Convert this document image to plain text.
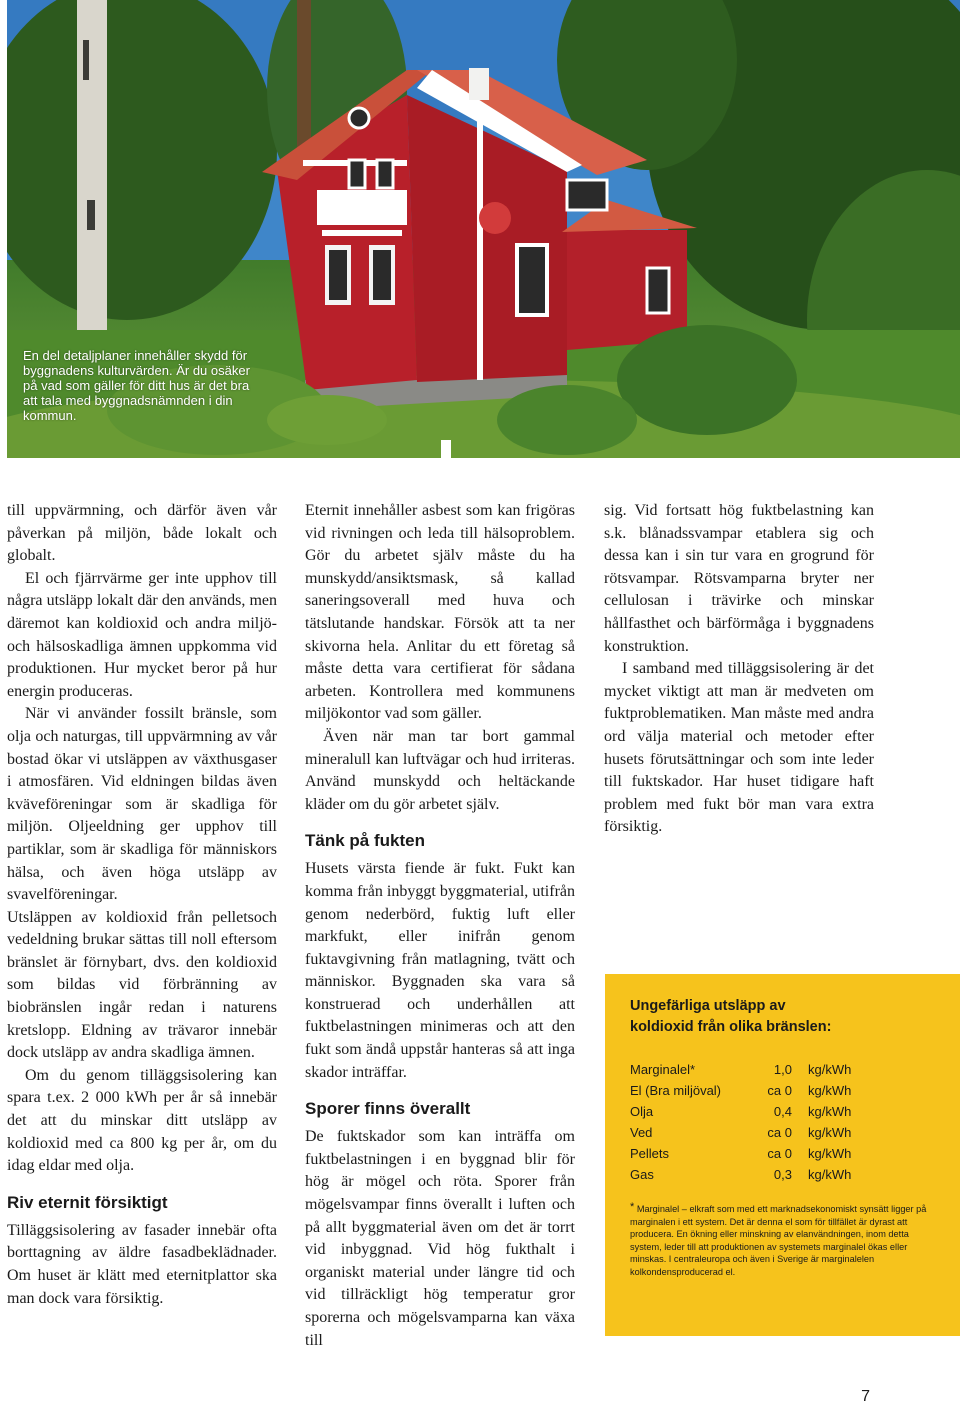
En del detaljplaner innehåller skydd för byggnadens kulturvärden. Är du osäker på vad som gäller för ditt hus är det bra att tala med byggnadsnämnden i din kommun.

till uppvärmning, och därför även vår påverkan på miljön, både lokalt och globalt.

El och fjärrvärme ger inte upphov till några utsläpp lokalt där den används, men däremot kan koldioxid och andra miljö- och hälsoskadliga ämnen uppkomma vid produktionen. Hur mycket beror på hur energin produceras.

När vi använder fossilt bränsle, som olja och naturgas, till uppvärmning av vår bostad ökar vi utsläppen av växthusgaser i atmosfären. Vid eldningen bildas även kväveföreningar som är skadliga för miljön. Oljeeldning ger upphov till partiklar, som är skadliga för människors hälsa, och även höga utsläpp av svavelföreningar.

Utsläppen av koldioxid från pelletsoch vedeldning brukar sättas till noll eftersom bränslet är förnybart, dvs. den koldioxid som bildas vid förbränning av biobränslen ingår redan i naturens kretslopp. Eldning av trävaror innebär dock utsläpp av andra skadliga ämnen.

Om du genom tilläggsisolering kan spara t.ex. 2 000 kWh per år så innebär det att du minskar ditt utsläpp av koldioxid med ca 800 kg per år, om du idag eldar med olja.

Riv eternit försiktigt

Tilläggsisolering av fasader innebär ofta borttagning av äldre fasadbeklädnader. Om huset är klätt med eternitplattor ska man dock vara försiktig.

Eternit innehåller asbest som kan frigöras vid rivningen och leda till hälsoproblem. Gör du arbetet själv måste du ha munskydd/ansiktsmask, så kallad saneringsoverall med huva och tätslutande handskar. Försök att ta ner skivorna hela. Anlitar du ett företag så måste detta vara certifierat för sådana arbeten. Kontrollera med kommunens miljökontor vad som gäller.

Även när man tar bort gammal mineralull kan luftvägar och hud irriteras. Använd munskydd och heltäckande kläder om du gör arbetet själv.

Tänk på fukten

Husets värsta fiende är fukt. Fukt kan komma från inbyggt byggmaterial, utifrån genom nederbörd, fuktig luft eller markfukt, eller inifrån genom fuktavgivning från matlagning, tvätt och människor. Byggnaden ska vara så konstruerad och underhållen att fuktbelastningen minimeras och att den fukt som ändå uppstår hanteras så att inga skador inträffar.

Sporer finns överallt

De fuktskador som kan inträffa om fuktbelastningen i en byggnad blir för hög är mögel och röta. Sporer från mögelsvampar finns överallt i luften och på allt byggmaterial även om det är torrt vid inbyggnad. Vid hög fukthalt i organiskt material under längre tid och vid tillräckligt hög temperatur gror sporerna och mögelsvamparna kan växa till

sig. Vid fortsatt hög fuktbelastning kan s.k. blånadssvampar etablera sig och dessa kan i sin tur vara en grogrund för rötsvampar. Rötsvamparna bryter ner cellulosan i trävirke och minskar hållfasthet och bärförmåga i byggnadens konstruktion.

I samband med tilläggsisolering är det mycket viktigt att man är medveten om fuktproblematiken. Man måste med andra ord välja material och metoder efter husets förutsättningar och som inte leder till fuktskador. Har huset tidigare haft problem med fukt bör man vara extra försiktig.

Ungefärliga utsläpp av
koldioxid från olika bränslen:
Marginalel*	1,0	kg/kWh
El (Bra miljöval)	ca 0	kg/kWh
Olja	0,4	kg/kWh
Ved	ca 0	kg/kWh
Pellets	ca 0	kg/kWh
Gas	0,3	kg/kWh
* Marginalel – elkraft som med ett marknadsekonomiskt synsätt ligger på marginalen i ett system. Det är denna el som för tillfället är dyrast att producera. En ökning eller minskning av elanvändningen, inom detta system, leder till att produktionen av systemets marginalel ökas eller minskas. I centraleuropa och även i Sverige är marginalelen kolkondensproducerad el.
7
